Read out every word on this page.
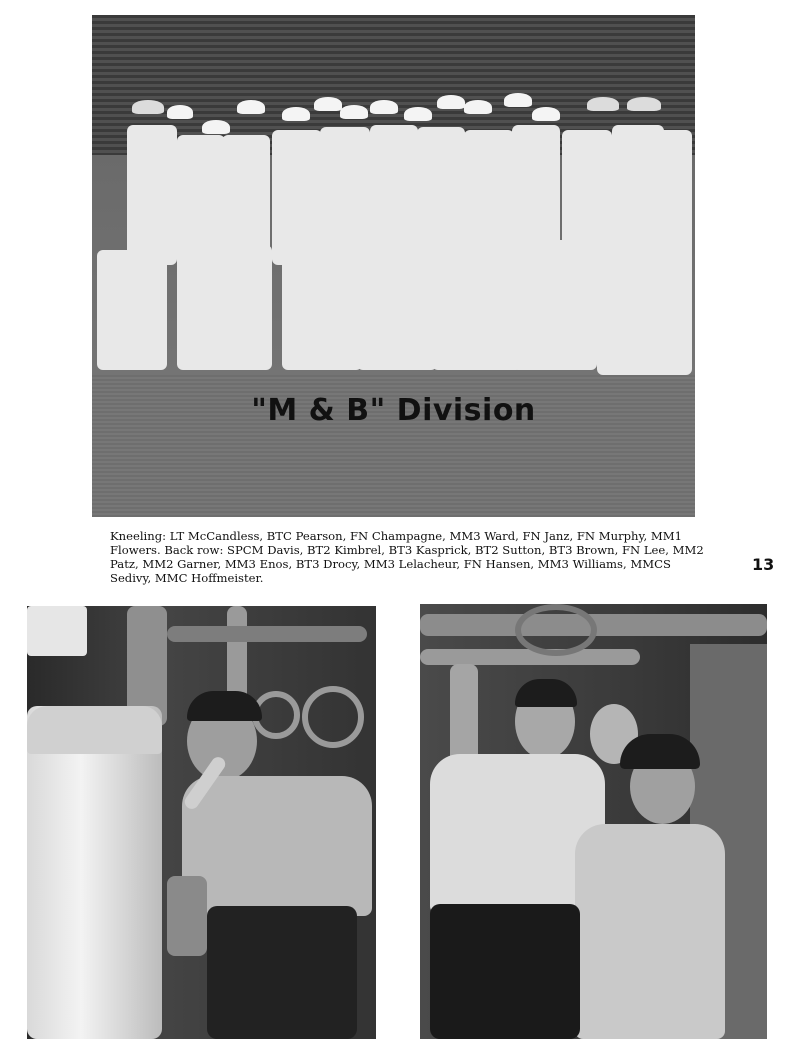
"M & B" Division

Kneeling: LT McCandless, BTC Pearson, FN Champagne, MM3 Ward, FN Janz, FN Murphy, MM1 Flowers. Back row: SPCM Davis, BT2 Kimbrel, BT3 Kasprick, BT2 Sutton, BT3 Brown, FN Lee, MM2 Patz, MM2 Garner, MM3 Enos, BT3 Drocy, MM3 Lelacheur, FN Hansen, MM3 Williams, MMCS Sedivy, MMC Hoffmeister.

13
